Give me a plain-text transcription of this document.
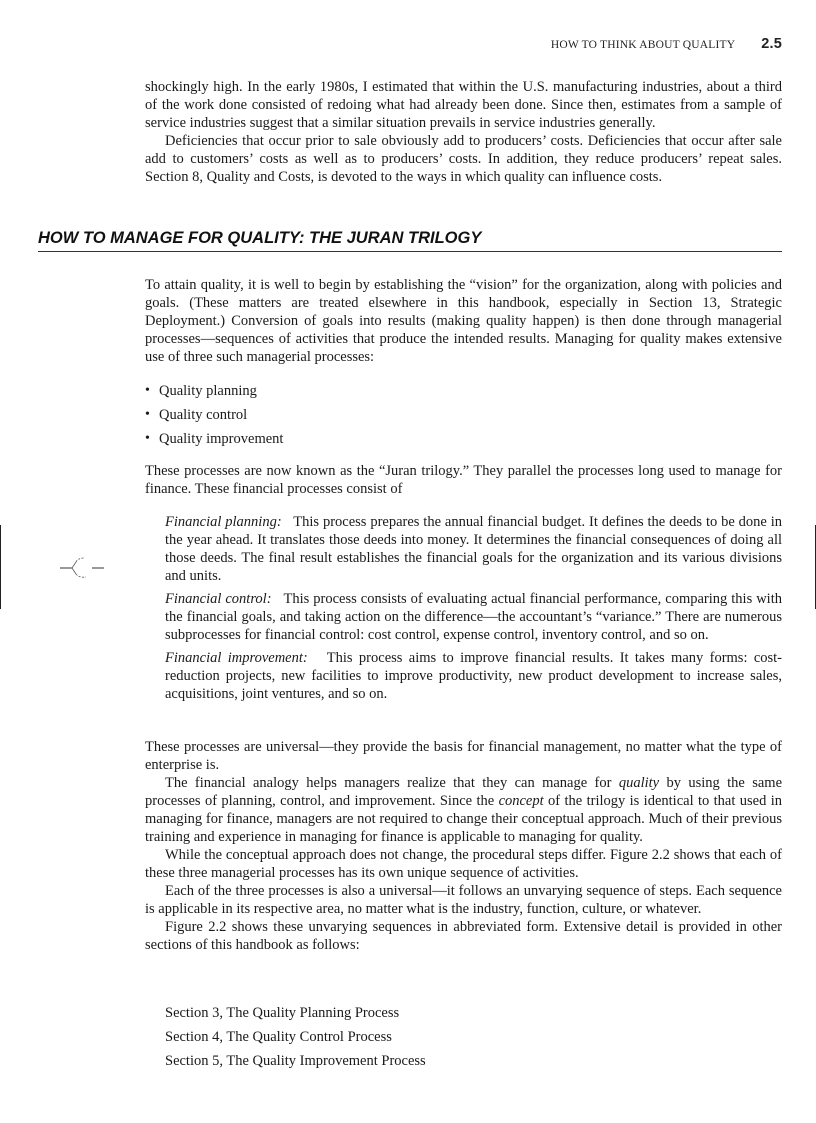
HOW TO THINK ABOUT QUALITY 2.5

shockingly high. In the early 1980s, I estimated that within the U.S. manufacturing industries, about a third of the work done consisted of redoing what had already been done. Since then, estimates from a sample of service industries suggest that a similar situation prevails in service industries generally.

Deficiencies that occur prior to sale obviously add to producers’ costs. Deficiencies that occur after sale add to customers’ costs as well as to producers’ costs. In addition, they reduce producers’ repeat sales. Section 8, Quality and Costs, is devoted to the ways in which quality can influence costs.

HOW TO MANAGE FOR QUALITY: THE JURAN TRILOGY

To attain quality, it is well to begin by establishing the “vision” for the organization, along with policies and goals. (These matters are treated elsewhere in this handbook, especially in Section 13, Strategic Deployment.) Conversion of goals into results (making quality happen) is then done through managerial processes—sequences of activities that produce the intended results. Managing for quality makes extensive use of three such managerial processes:

• Quality planning
• Quality control
• Quality improvement

These processes are now known as the “Juran trilogy.” They parallel the processes long used to manage for finance. These financial processes consist of

Financial planning: This process prepares the annual financial budget. It defines the deeds to be done in the year ahead. It translates those deeds into money. It determines the financial consequences of doing all those deeds. The final result establishes the financial goals for the organization and its various divisions and units.
Financial control: This process consists of evaluating actual financial performance, comparing this with the financial goals, and taking action on the difference—the accountant’s “variance.” There are numerous subprocesses for financial control: cost control, expense control, inventory control, and so on.
Financial improvement: This process aims to improve financial results. It takes many forms: cost-reduction projects, new facilities to improve productivity, new product development to increase sales, acquisitions, joint ventures, and so on.

These processes are universal—they provide the basis for financial management, no matter what the type of enterprise is.

The financial analogy helps managers realize that they can manage for quality by using the same processes of planning, control, and improvement. Since the concept of the trilogy is identical to that used in managing for finance, managers are not required to change their conceptual approach. Much of their previous training and experience in managing for finance is applicable to managing for quality.

While the conceptual approach does not change, the procedural steps differ. Figure 2.2 shows that each of these three managerial processes has its own unique sequence of activities.

Each of the three processes is also a universal—it follows an unvarying sequence of steps. Each sequence is applicable in its respective area, no matter what is the industry, function, culture, or whatever.

Figure 2.2 shows these unvarying sequences in abbreviated form. Extensive detail is provided in other sections of this handbook as follows:

Section 3, The Quality Planning Process
Section 4, The Quality Control Process
Section 5, The Quality Improvement Process
